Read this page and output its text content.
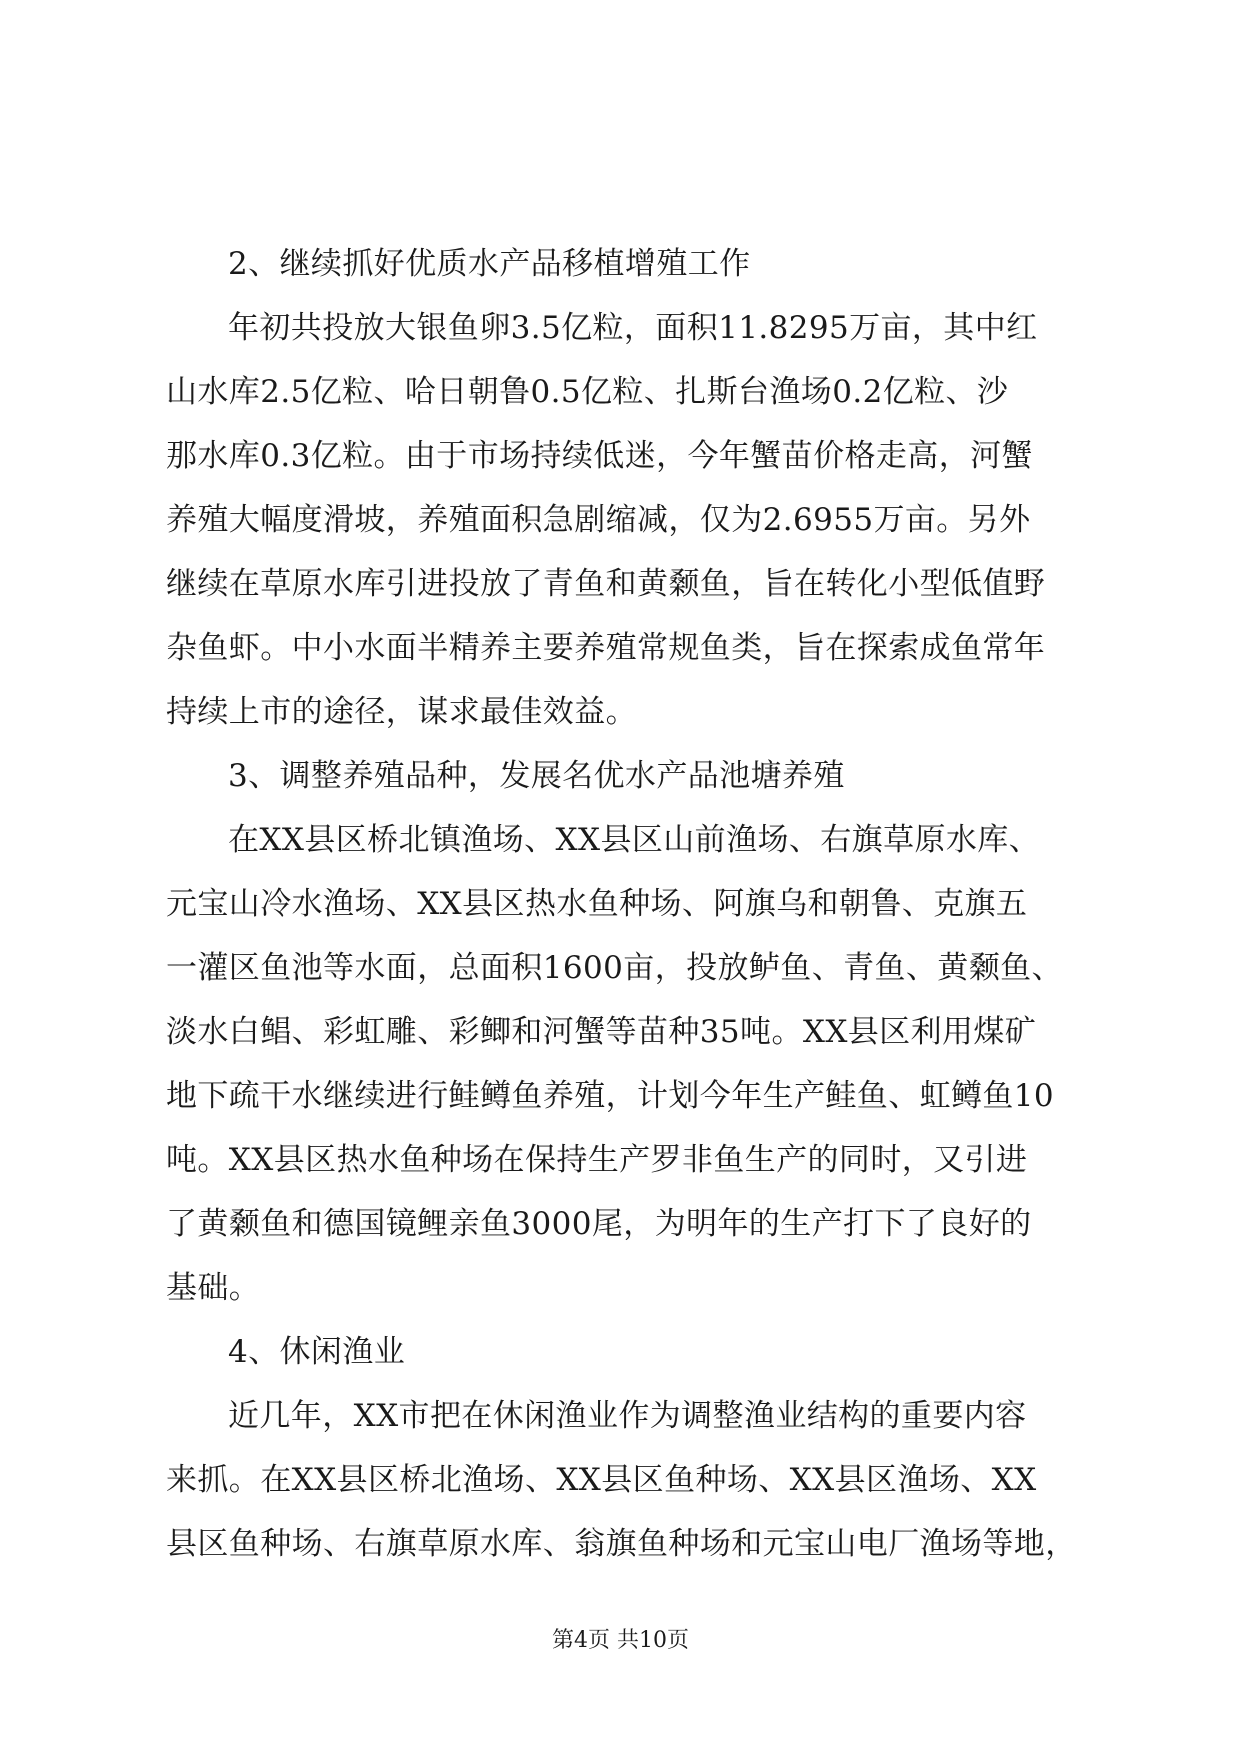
2、继续抓好优质水产品移植增殖工作
年初共投放大银鱼卵3.5亿粒，面积11.8295万亩，其中红
山水库2.5亿粒、哈日朝鲁0.5亿粒、扎斯台渔场0.2亿粒、沙
那水库0.3亿粒。由于市场持续低迷，今年蟹苗价格走高，河蟹
养殖大幅度滑坡，养殖面积急剧缩减，仅为2.6955万亩。另外
继续在草原水库引进投放了青鱼和黄颡鱼，旨在转化小型低值野
杂鱼虾。中小水面半精养主要养殖常规鱼类，旨在探索成鱼常年
持续上市的途径，谋求最佳效益。
3、调整养殖品种，发展名优水产品池塘养殖
在XX县区桥北镇渔场、XX县区山前渔场、右旗草原水库、
元宝山冷水渔场、XX县区热水鱼种场、阿旗乌和朝鲁、克旗五
一灌区鱼池等水面，总面积1600亩，投放鲈鱼、青鱼、黄颡鱼、
淡水白鲳、彩虹雕、彩鲫和河蟹等苗种35吨。XX县区利用煤矿
地下疏干水继续进行鲑鳟鱼养殖，计划今年生产鲑鱼、虹鳟鱼10
吨。XX县区热水鱼种场在保持生产罗非鱼生产的同时，又引进
了黄颡鱼和德国镜鲤亲鱼3000尾，为明年的生产打下了良好的
基础。
4、休闲渔业
近几年，XX市把在休闲渔业作为调整渔业结构的重要内容
来抓。在XX县区桥北渔场、XX县区鱼种场、XX县区渔场、XX
县区鱼种场、右旗草原水库、翁旗鱼种场和元宝山电厂渔场等地，
第4页 共10页
